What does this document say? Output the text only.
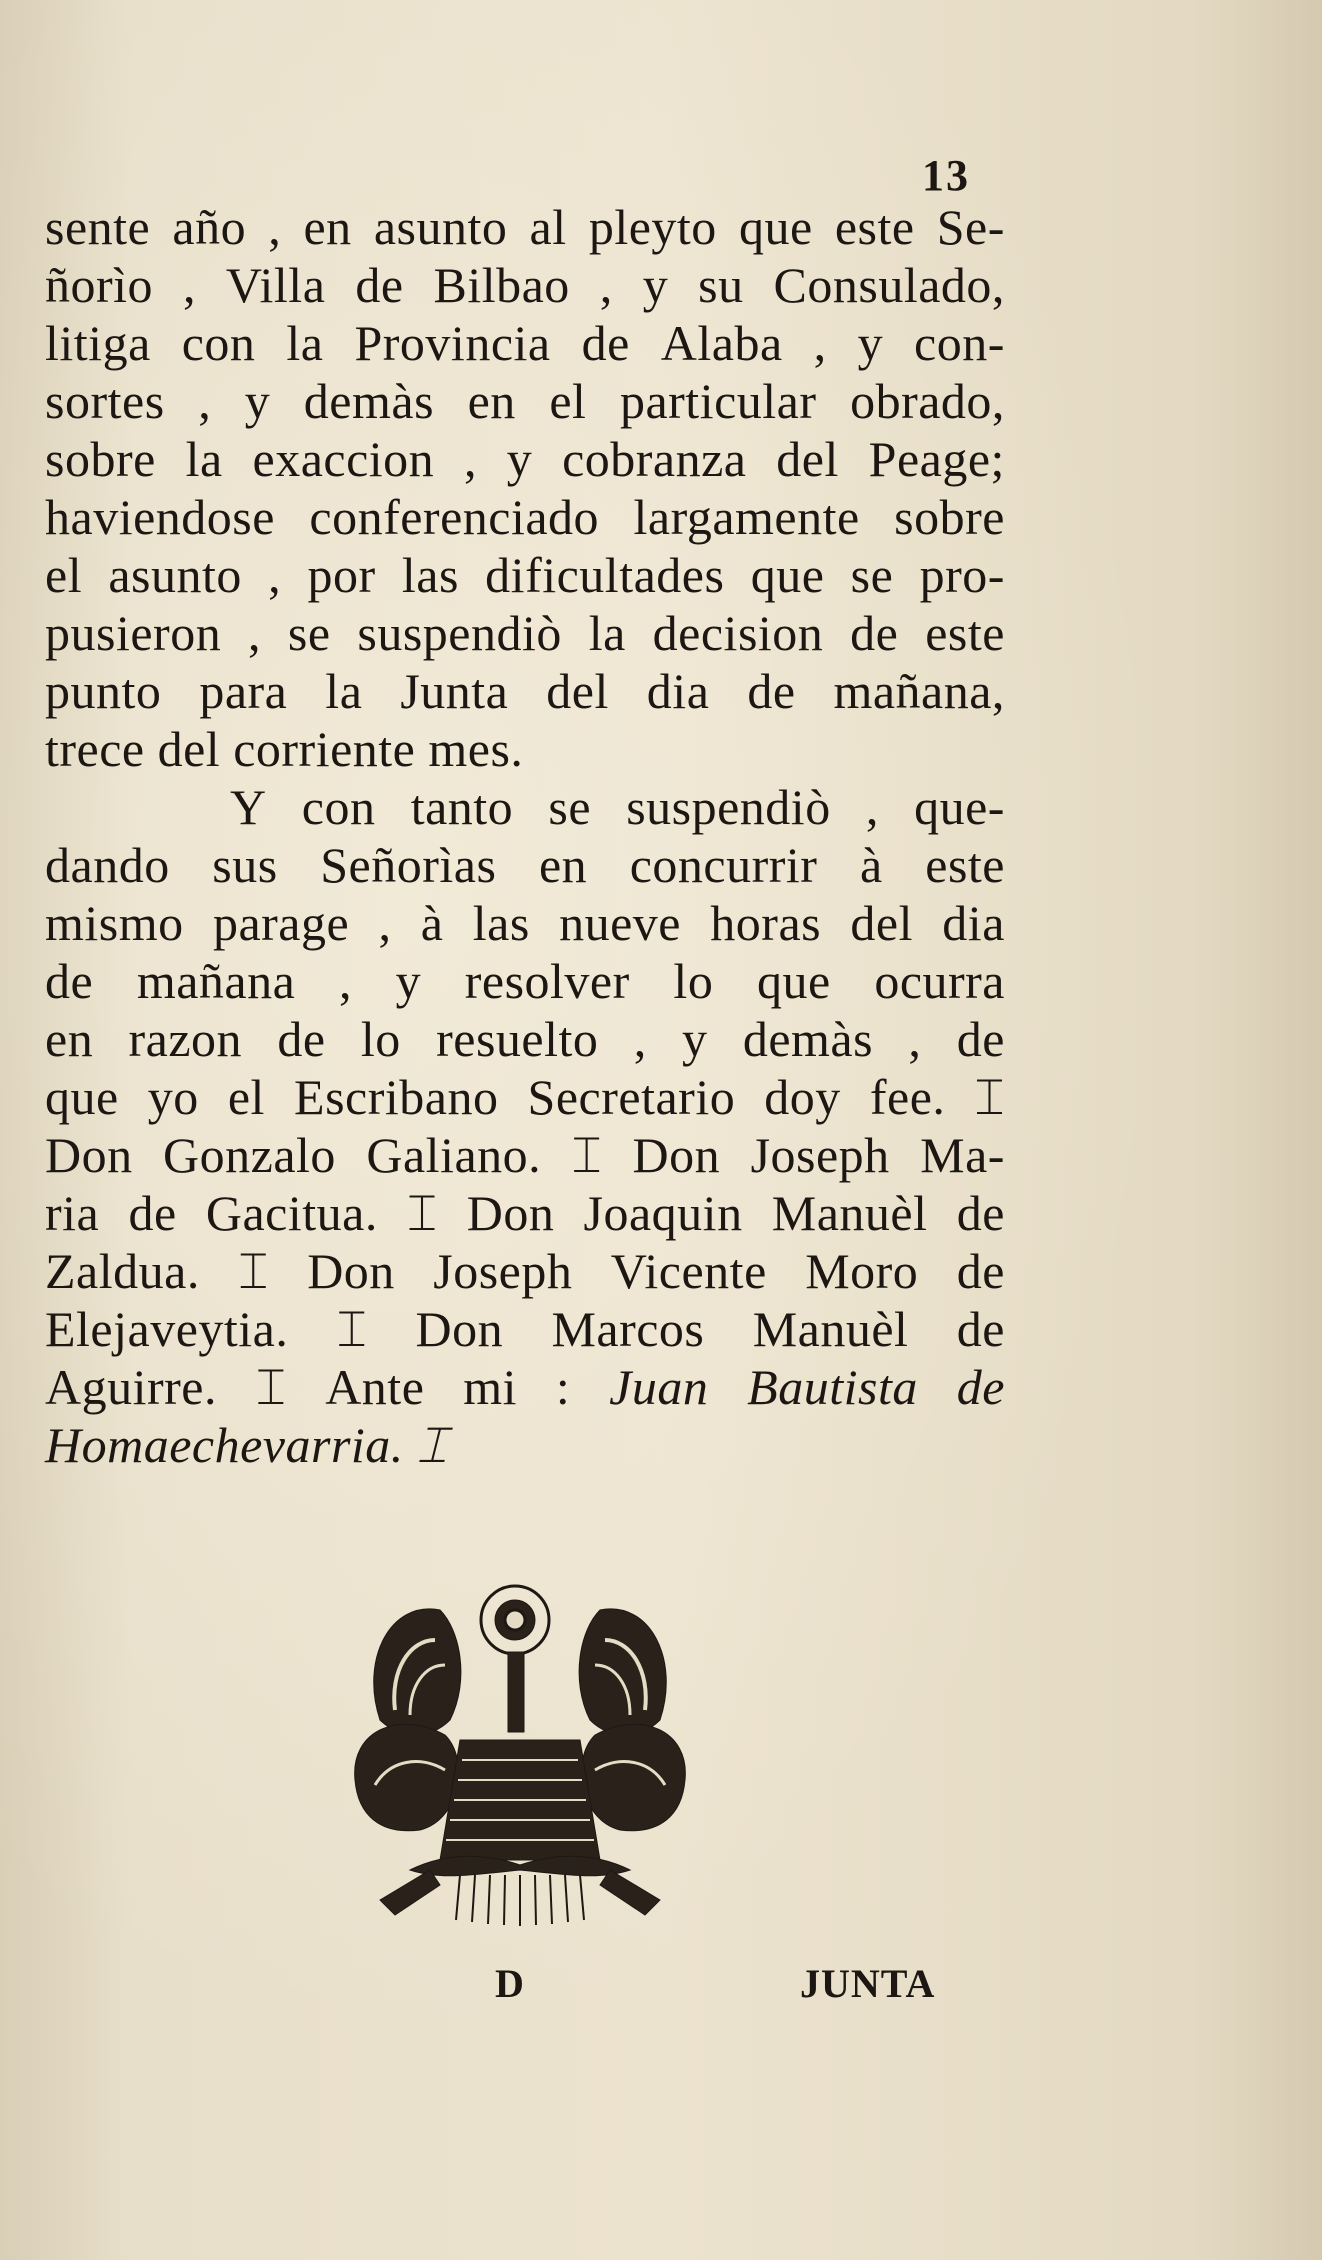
13
sente año , en asunto al pleyto que este Se-
ñorìo , Villa de Bilbao , y su Consulado,
litiga con la Provincia de Alaba , y con-
sortes , y demàs en el particular obrado,
sobre la exaccion , y cobranza del Peage;
haviendose conferenciado largamente sobre
el asunto , por las dificultades que se pro-
pusieron , se suspendiò la decision de este
punto para la Junta del dia de mañana,
trece del corriente mes.
Y con tanto se suspendiò , que-
dando sus Señorìas en concurrir à este
mismo parage , à las nueve horas del dia
de mañana , y resolver lo que ocurra
en razon de lo resuelto , y demàs , de
que yo el Escribano Secretario doy fee. ⌶
Don Gonzalo Galiano. ⌶ Don Joseph Ma-
ria de Gacitua. ⌶ Don Joaquin Manuèl de
Zaldua. ⌶ Don Joseph Vicente Moro de
Elejaveytia. ⌶ Don Marcos Manuèl de
Aguirre. ⌶ Ante mi : Juan Bautista de
Homaechevarria. ⌶
D	JUNTA
